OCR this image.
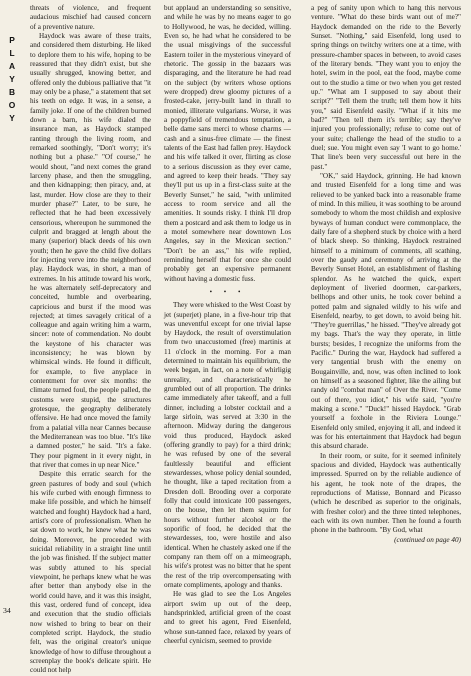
P
L
A
Y
B
O
Y
34

threats of violence, and frequent audacious mischief had caused concern of a preventive nature.

Haydock was aware of these traits, and considered them disturbing. He liked to deplore them to his wife, hoping to be reassured that they didn't exist, but she usually shrugged, knowing better, and offered only the dubious palliative that "it may only be a phase," a statement that set his teeth on edge. It was, in a sense, a family joke. If one of the children burned down a barn, his wife dialed the insurance man, as Haydock stamped ranting through the living room, and remarked soothingly, "Don't worry; it's nothing but a phase." "Of course," he would shout, "and next comes the grand larceny phase, and then the smuggling, and then kidnapping; then piracy, and, at last, murder. How close are they to their murder phase?" Later, to be sure, he reflected that he had been excessively censorious, whereupon he summoned the culprit and bragged at length about the many (superior) black deeds of his own youth; then he gave the child five dollars for injecting verve into the neighborhood play. Haydock was, in short, a man of extremes. In his attitude toward his work, he was alternately self-deprecatory and conceited, humble and overbearing, capricious and burst if the mood was rejected; at times savagely critical of a colleague and again writing him a warm, sincer: note of commendation. No doubt the keystone of his character was inconsistency; he was blown by whimsical winds. He found it difficult, for example, to five anyplace in contentment for over six months: the climate turned foul, the people palled, the customs were stupid, the structures grotesque, the geography deliberately offensive. He had once moved the family from a palatial villa near Cannes because the Mediterranean was too blue. "It's like a damned poster," he said. "It's a fake. They pour pigment in it every night, in that river that comes in up near Nice."

Despite this erratic search for the green pastures of body and soul (which his wife curbed with enough firmness to make life possible, and which he himself watched and fought) Haydock had a hard, artist's core of professionalism. When he sat down to work, he knew what he was doing. Moreover, he proceeded with suicidal reliability in a straight line until the job was finished. If the subject matter was subtly attuned to his special viewpoint, he perhaps knew what he was after better than anybody else in the world could have, and it was this insight, this vast, ordered fund of concept, idea and execution that the studio officials now wished to bring to bear on their completed script. Haydock, the studio felt, was the original creator's unique knowledge of how to diffuse throughout a screenplay the book's delicate spirit. He could not help

but applaud an understanding so sensitive, and while he was by no means eager to go to Hollywood, he was, he decided, willing. Even so, he had what he considered to be the usual misgivings of the successful Eastern toiler in the mysterious vineyard of rhetoric. The gossip in the bazaars was disparaging, and the literature he had read on the subject (by writers whose options were dropped) drew gloomy pictures of a frosted-cake, jerry-built land in thrall to monied, illiterate vulgarians. Worse, it was a poppyfield of tremendous temptation, a belle dame sans merci to whose charms — cash and a sinus-free climate — the finest talents of the East had fallen prey. Haydock and his wife talked it over, flirting as close to a serious discussion as they ever came, and agreed to keep their heads. "They say they'll put us up in a first-class suite at the Beverly Sunset," he said, "with unlimited access to room service and all the amenities. It sounds risky. I think I'll drop them a postcard and ask them to lodge us in a motel somewhere near downtown Los Angeles, say in the Mexican section." "Don't be an ass," his wife replied, reminding herself that for once she could probably get an expensive permanent without having a domestic fuss.

• • •

They were whisked to the West Coast by jet (superjet) plane, in a five-hour trip that was uneventful except for one trivial lapse by Haydock, the result of overstimulation from two unaccustomed (free) martinis at 11 o'clock in the morning. For a man determined to maintain his equilibrium, the week began, in fact, on a note of whirligig unreality, and characteristically he grumbled out of all proportion. The drinks came immediately after takeoff, and a full dinner, including a lobster cocktail and a large sirloin, was served at 3:30 in the afternoon. Midway during the dangerous void thus produced, Haydock asked (offering grandly to pay) for a third drink; he was refused by one of the several faultlessly beautiful and efficient stewardesses, whose policy denial sounded, he thought, like a taped recitation from a Dresden doll. Brooding over a corporate folly that could intoxicate 100 passengers, on the house, then let them squirm for hours without further alcohol or the soporific of food, he decided that the stewardesses, too, were hostile and also identical. When he chastely asked one if the company ran them off on a mimeograph, his wife's protest was no bitter that he spent the rest of the trip overcompensating with ornate compliments, apology and thanks.

He was glad to see the Los Angeles airport swim up out of the deep, handsprinkled, artificial green of the coast and to greet his agent, Fred Eisenfeld, whose sun-tanned face, relaxed by years of cheerful cynicism, seemed to provide

a peg of sanity upon which to hang this nervous venture. "What do these birds want out of me?" Haydock demanded on the ride to the Beverly Sunset. "Nothing," said Eisenfeld, long used to spring things on twitchy writers one at a time, with pressure-chamber spaces in between, to avoid cases of the literary bends. "They want you to enjoy the hotel, swim in the pool, eat the food, maybe come out to the studio a time or two when you get rested up." "What am I supposed to say about their script?" "Tell them the truth; tell them how it hits you," said Eisenfeld easily. "What if it hits me bad?" "Then tell them it's terrible; say they've injured you professionally; refuse to come out of your suite; challenge the head of the studio to a duel; sue. You might even say 'I want to go home.' That line's been very successful out here in the past."

"OK," said Haydock, grinning. He had known and trusted Eisenfeld for a long time and was relieved to be yanked back into a reasonable frame of mind. In this milieu, it was soothing to be around somebody to whom the most childish and explosive byways of human conduct were commonplace, the daily fare of a shepherd stuck by choice with a herd of black sheep. So thinking, Haydock restrained himself to a minimum of comments, all scathing, over the gaudy and ceremony of arriving at the Beverly Sunset Hotel, an establishment of flashing splendor. As he watched the quick, expert deployment of liveried doormen, car-parkers, bellhops and other units, he took cover behind a potted palm and signaled wildly to his wife and Eisenfeld, nearby, to get down, to avoid being hit. "They're guerrillas," he hissed. "They've already got my bags. That's the way they operate, in little bursts; besides, I recognize the uniforms from the Pacific." During the war, Haydock had suffered a very tangential brush with the enemy on Bougainville, and, now, was often inclined to look on himself as a seasoned fighter, like the ailing but randy old "combat man" of Over the River. "Come out of there, you idiot," his wife said, "you're making a scene." "Duck!" hissed Haydock. "Grab yourself a foxhole in the Riviera Lounge." Eisenfeld only smiled, enjoying it all, and indeed it was for his entertainment that Haydock had begun this absurd charade.

In their room, or suite, for it seemed infinitely spacious and divided, Haydock was authentically impressed. Spurred on by the reliable audience of his agent, he took note of the drapes, the reproductions of Matisse, Bonnard and Picasso (which he described as superior to the originals, with fresher color) and the three tinted telephones, each with its own number. Then he found a fourth phone in the bathroom. "By God, what

(continued on page 40)
